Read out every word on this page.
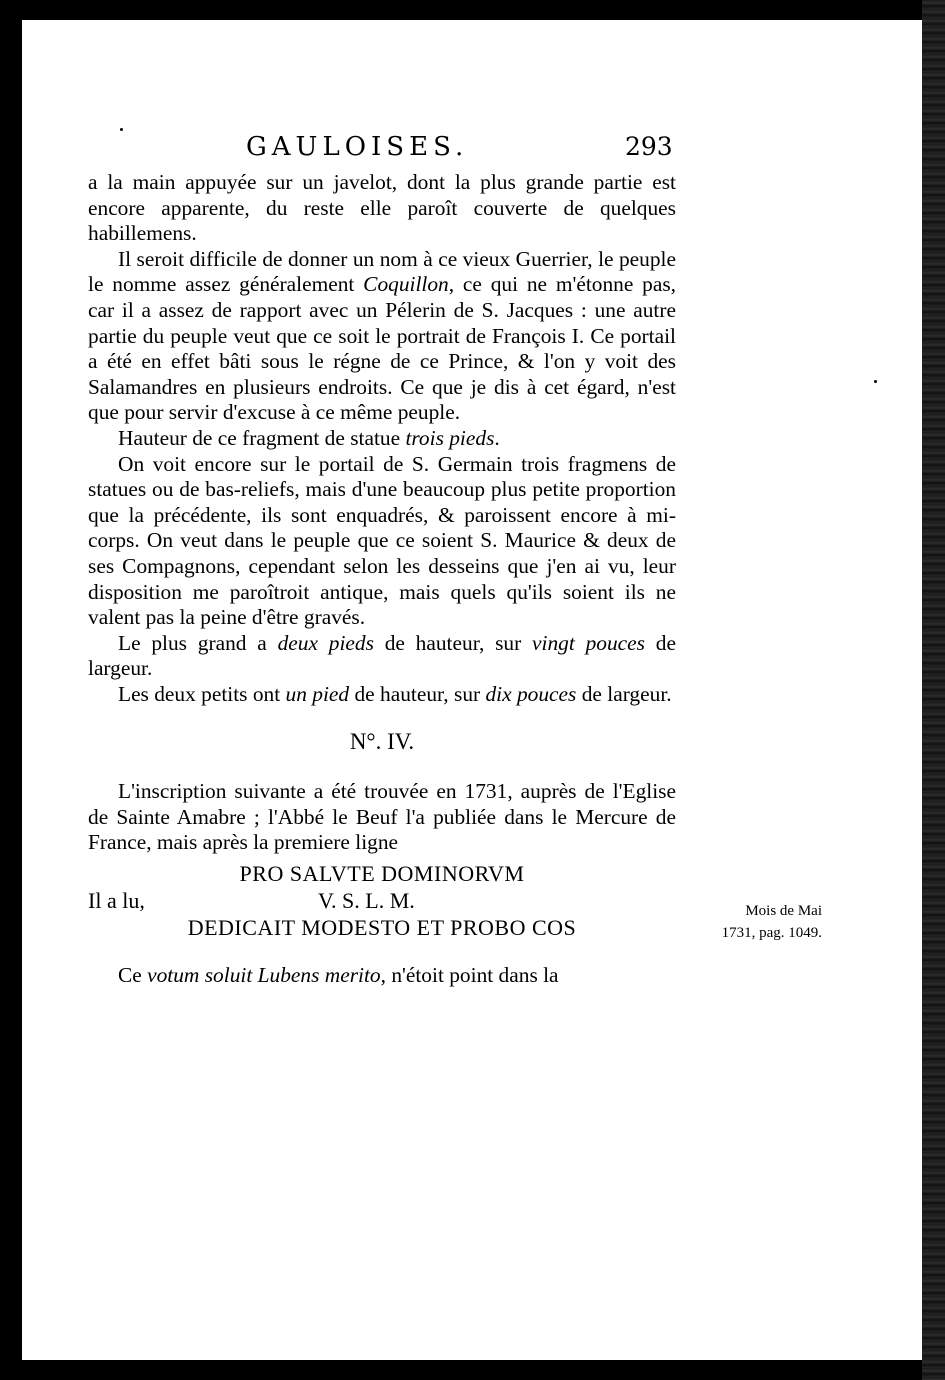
GAULOISES.	293

a la main appuyée sur un javelot, dont la plus grande partie est encore apparente, du reste elle paroît couverte de quelques habillemens.

Il seroit difficile de donner un nom à ce vieux Guerrier, le peuple le nomme assez généralement Coquillon, ce qui ne m'étonne pas, car il a assez de rapport avec un Pélerin de S. Jacques : une autre partie du peuple veut que ce soit le portrait de François I. Ce portail a été en effet bâti sous le régne de ce Prince, & l'on y voit des Salamandres en plusieurs endroits. Ce que je dis à cet égard, n'est que pour servir d'excuse à ce même peuple.

Hauteur de ce fragment de statue trois pieds.

On voit encore sur le portail de S. Germain trois fragmens de statues ou de bas-reliefs, mais d'une beaucoup plus petite proportion que la précédente, ils sont enquadrés, & paroissent encore à mi-corps. On veut dans le peuple que ce soient S. Maurice & deux de ses Compagnons, cependant selon les desseins que j'en ai vu, leur disposition me paroîtroit antique, mais quels qu'ils soient ils ne valent pas la peine d'être gravés.

Le plus grand a deux pieds de hauteur, sur vingt pouces de largeur.

Les deux petits ont un pied de hauteur, sur dix pouces de largeur.

N°. IV.

L'inscription suivante a été trouvée en 1731, auprès de l'Eglise de Sainte Amabre ; l'Abbé le Beuf l'a publiée dans le Mercure de France, mais après la premiere ligne

PRO SALVTE DOMINORVM
Il a lu,	V. S. L. M.
DEDICAIT MODESTO ET PROBO COS

Ce votum soluit Lubens merito, n'étoit point dans la

Mois de Mai
1731, pag. 1049.
